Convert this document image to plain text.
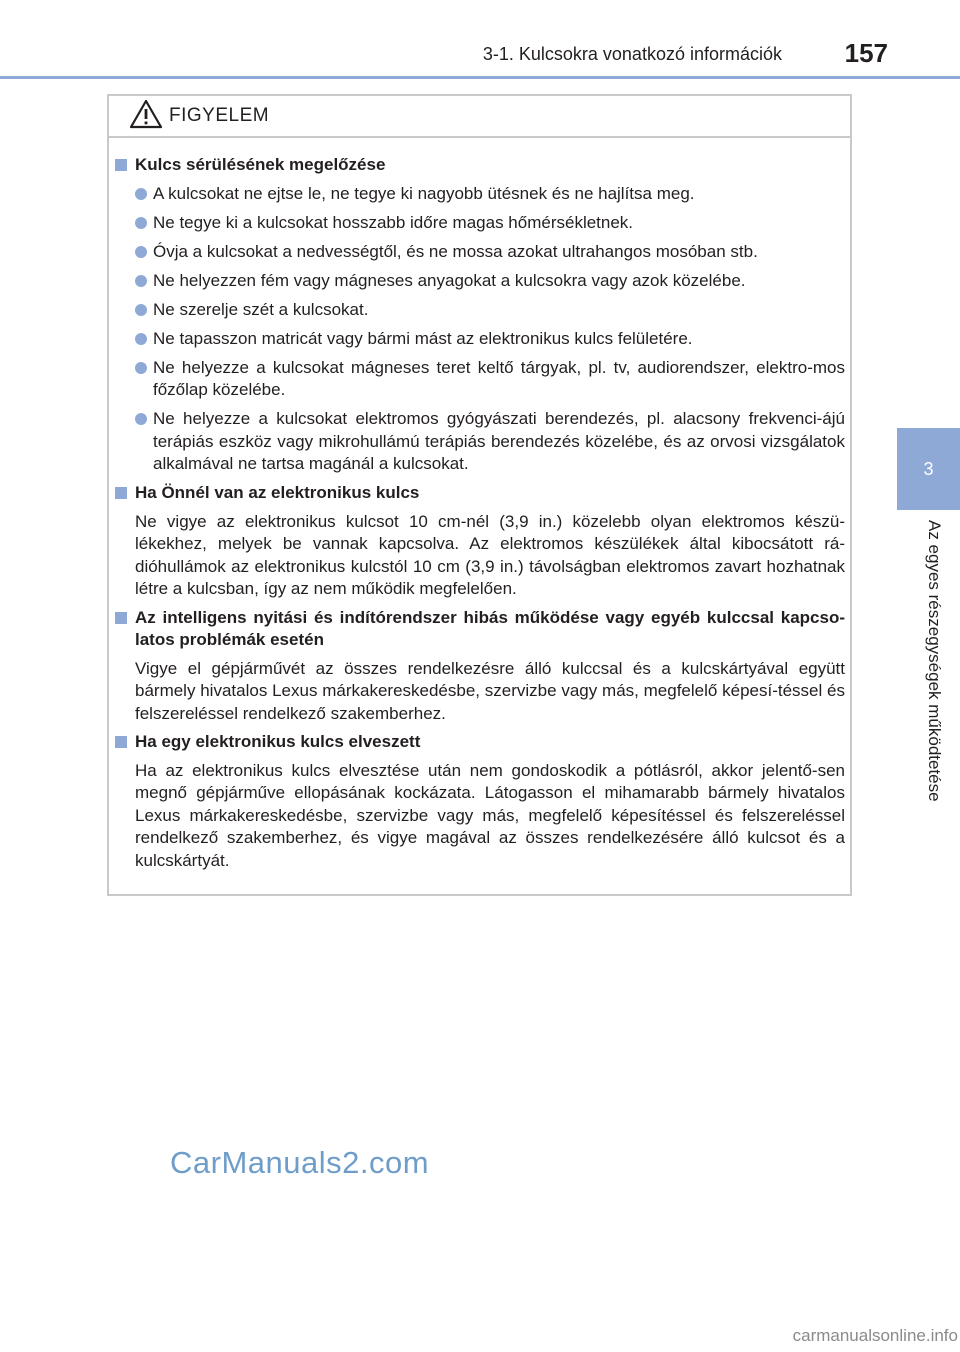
3-1. Kulcsokra vonatkozó információk	157
3
Az egyes részegységek működtetése
FIGYELEM
Kulcs sérülésének megelőzése
A kulcsokat ne ejtse le, ne tegye ki nagyobb ütésnek és ne hajlítsa meg.
Ne tegye ki a kulcsokat hosszabb időre magas hőmérsékletnek.
Óvja a kulcsokat a nedvességtől, és ne mossa azokat ultrahangos mosóban stb.
Ne helyezzen fém vagy mágneses anyagokat a kulcsokra vagy azok közelébe.
Ne szerelje szét a kulcsokat.
Ne tapasszon matricát vagy bármi mást az elektronikus kulcs felületére.
Ne helyezze a kulcsokat mágneses teret keltő tárgyak, pl. tv, audiorendszer, elektro-mos főzőlap közelébe.
Ne helyezze a kulcsokat elektromos gyógyászati berendezés, pl. alacsony frekvenci-ájú terápiás eszköz vagy mikrohullámú terápiás berendezés közelébe, és az orvosi vizsgálatok alkalmával ne tartsa magánál a kulcsokat.
Ha Önnél van az elektronikus kulcs
Ne vigye az elektronikus kulcsot 10 cm-nél (3,9 in.) közelebb olyan elektromos készü-lékekhez, melyek be vannak kapcsolva. Az elektromos készülékek által kibocsátott rá-dióhullámok az elektronikus kulcstól 10 cm (3,9 in.) távolságban elektromos zavart hozhatnak létre a kulcsban, így az nem működik megfelelően.
Az intelligens nyitási és indítórendszer hibás működése vagy egyéb kulccsal kapcso-latos problémák esetén
Vigye el gépjárművét az összes rendelkezésre álló kulccsal és a kulcskártyával együtt bármely hivatalos Lexus márkakereskedésbe, szervizbe vagy más, megfelelő képesí-téssel és felszereléssel rendelkező szakemberhez.
Ha egy elektronikus kulcs elveszett
Ha az elektronikus kulcs elvesztése után nem gondoskodik a pótlásról, akkor jelentő-sen megnő gépjárműve ellopásának kockázata. Látogasson el mihamarabb bármely hivatalos Lexus márkakereskedésbe, szervizbe vagy más, megfelelő képesítéssel és felszereléssel rendelkező szakemberhez, és vigye magával az összes rendelkezésére álló kulcsot és a kulcskártyát.
CarManuals2.com
carmanualsonline.info
